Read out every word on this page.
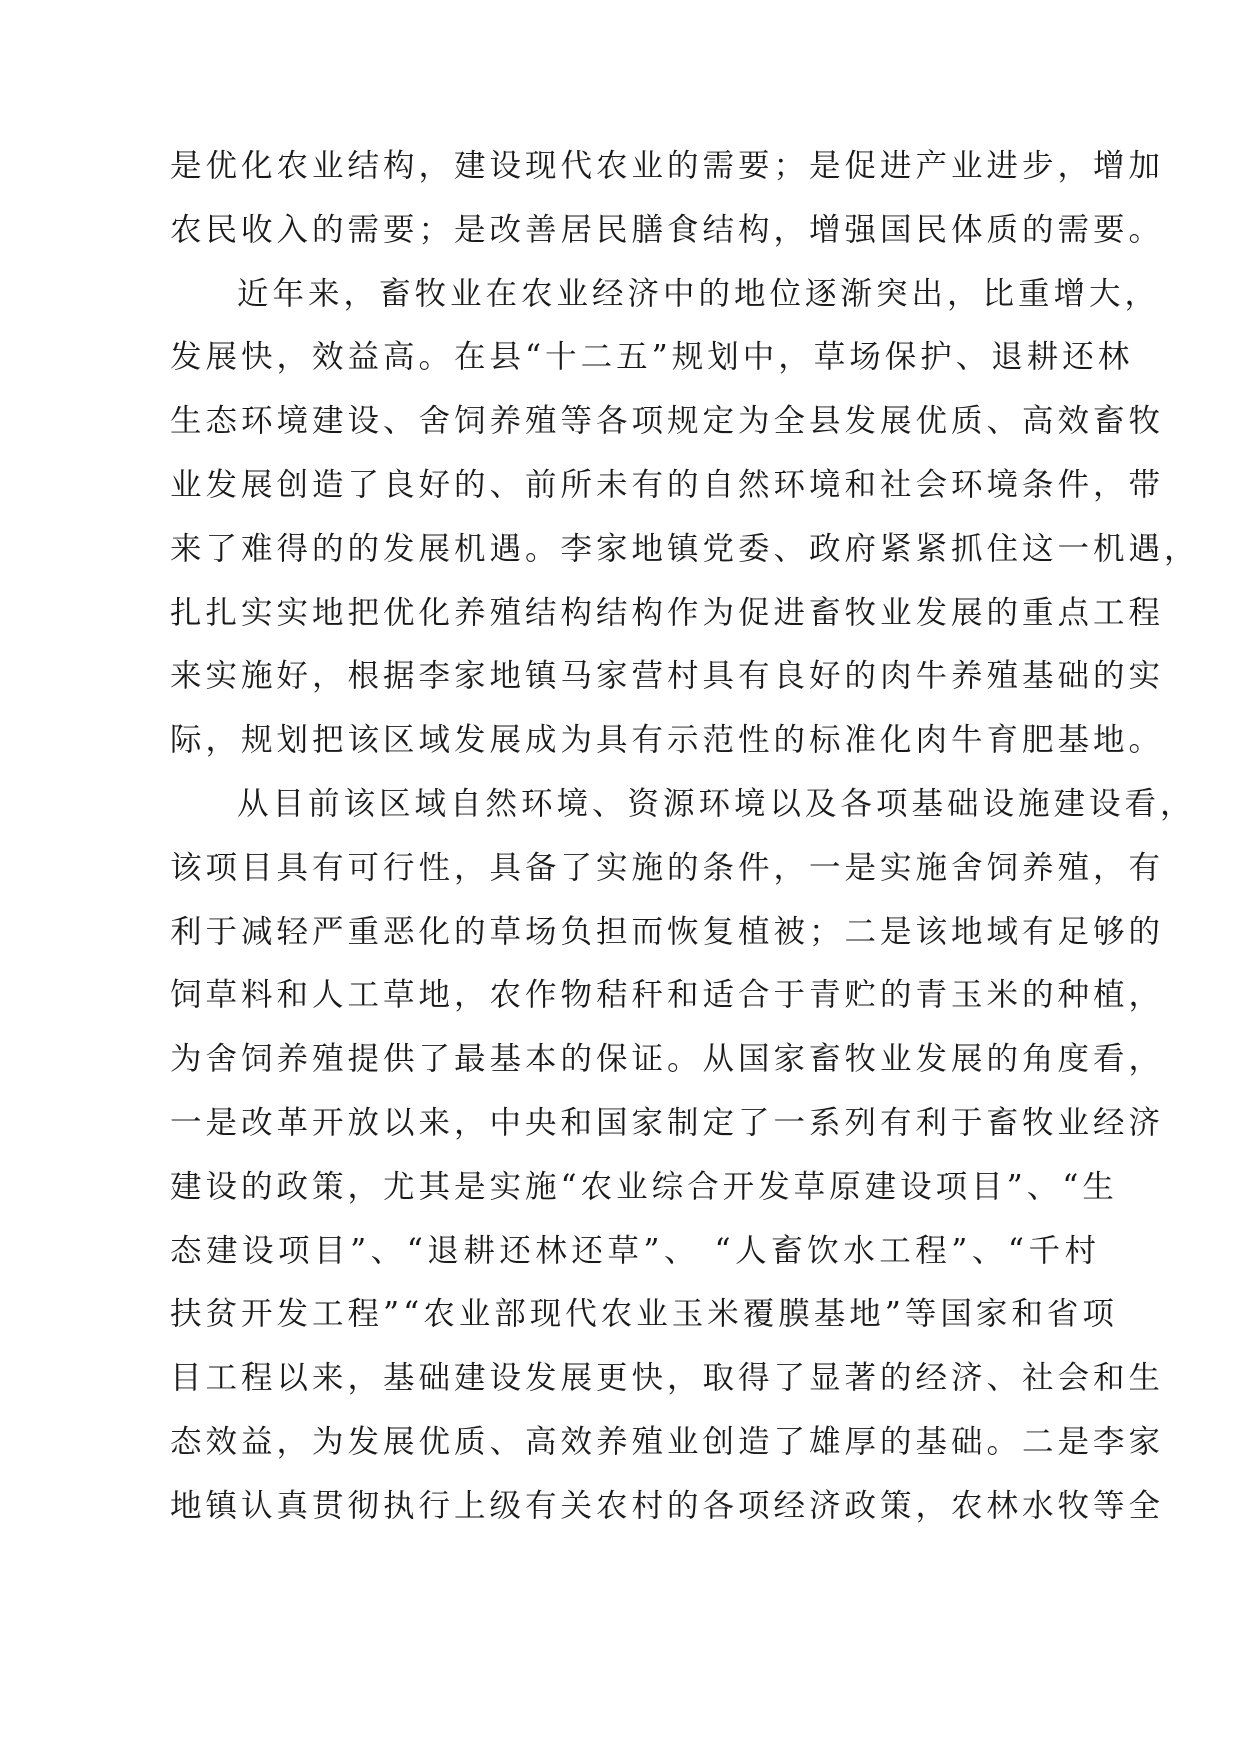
是优化农业结构，建设现代农业的需要；是促进产业进步，增加
农民收入的需要；是改善居民膳食结构，增强国民体质的需要。
近年来，畜牧业在农业经济中的地位逐渐突出，比重增大，
发展快，效益高。在县“十二五”规划中，草场保护、退耕还林
生态环境建设、舍饲养殖等各项规定为全县发展优质、高效畜牧
业发展创造了良好的、前所未有的自然环境和社会环境条件，带
来了难得的的发展机遇。李家地镇党委、政府紧紧抓住这一机遇，
扎扎实实地把优化养殖结构结构作为促进畜牧业发展的重点工程
来实施好，根据李家地镇马家营村具有良好的肉牛养殖基础的实
际，规划把该区域发展成为具有示范性的标准化肉牛育肥基地。
从目前该区域自然环境、资源环境以及各项基础设施建设看，
该项目具有可行性，具备了实施的条件，一是实施舍饲养殖，有
利于减轻严重恶化的草场负担而恢复植被；二是该地域有足够的
饲草料和人工草地，农作物秸秆和适合于青贮的青玉米的种植，
为舍饲养殖提供了最基本的保证。从国家畜牧业发展的角度看，
一是改革开放以来，中央和国家制定了一系列有利于畜牧业经济
建设的政策，尤其是实施“农业综合开发草原建设项目”、“生
态建设项目”、“退耕还林还草”、 “人畜饮水工程”、“千村
扶贫开发工程”“农业部现代农业玉米覆膜基地”等国家和省项
目工程以来，基础建设发展更快，取得了显著的经济、社会和生
态效益，为发展优质、高效养殖业创造了雄厚的基础。二是李家
地镇认真贯彻执行上级有关农村的各项经济政策，农林水牧等全
